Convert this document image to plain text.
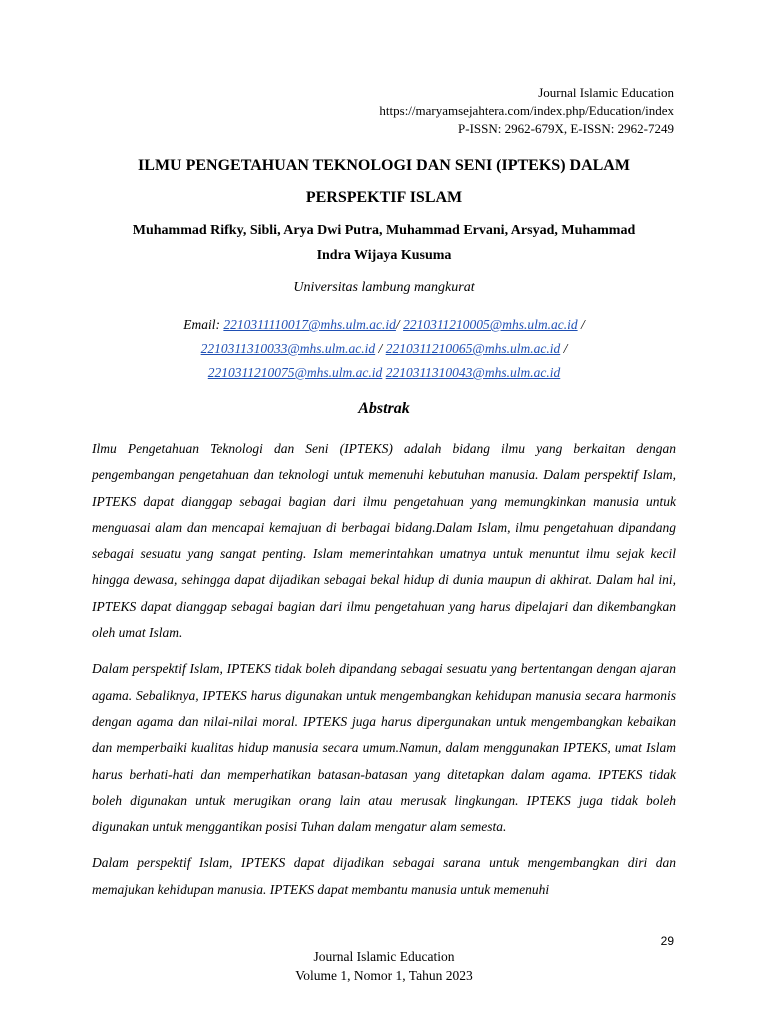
Journal Islamic Education
https://maryamsejahtera.com/index.php/Education/index
P-ISSN: 2962-679X, E-ISSN: 2962-7249
ILMU PENGETAHUAN TEKNOLOGI DAN SENI (IPTEKS) DALAM
PERSPEKTIF ISLAM
Muhammad Rifky, Sibli, Arya Dwi Putra, Muhammad Ervani, Arsyad, Muhammad
Indra Wijaya Kusuma
Universitas lambung mangkurat
Email: 2210311110017@mhs.ulm.ac.id/ 2210311210005@mhs.ulm.ac.id /
2210311310033@mhs.ulm.ac.id / 2210311210065@mhs.ulm.ac.id /
2210311210075@mhs.ulm.ac.id 2210311310043@mhs.ulm.ac.id
Abstrak

Ilmu Pengetahuan Teknologi dan Seni (IPTEKS) adalah bidang ilmu yang berkaitan dengan pengembangan pengetahuan dan teknologi untuk memenuhi kebutuhan manusia. Dalam perspektif Islam, IPTEKS dapat dianggap sebagai bagian dari ilmu pengetahuan yang memungkinkan manusia untuk menguasai alam dan mencapai kemajuan di berbagai bidang.Dalam Islam, ilmu pengetahuan dipandang sebagai sesuatu yang sangat penting. Islam memerintahkan umatnya untuk menuntut ilmu sejak kecil hingga dewasa, sehingga dapat dijadikan sebagai bekal hidup di dunia maupun di akhirat. Dalam hal ini, IPTEKS dapat dianggap sebagai bagian dari ilmu pengetahuan yang harus dipelajari dan dikembangkan oleh umat Islam.

Dalam perspektif Islam, IPTEKS tidak boleh dipandang sebagai sesuatu yang bertentangan dengan ajaran agama. Sebaliknya, IPTEKS harus digunakan untuk mengembangkan kehidupan manusia secara harmonis dengan agama dan nilai-nilai moral. IPTEKS juga harus dipergunakan untuk mengembangkan kebaikan dan memperbaiki kualitas hidup manusia secara umum.Namun, dalam menggunakan IPTEKS, umat Islam harus berhati-hati dan memperhatikan batasan-batasan yang ditetapkan dalam agama. IPTEKS tidak boleh digunakan untuk merugikan orang lain atau merusak lingkungan. IPTEKS juga tidak boleh digunakan untuk menggantikan posisi Tuhan dalam mengatur alam semesta.

Dalam perspektif Islam, IPTEKS dapat dijadikan sebagai sarana untuk mengembangkan diri dan memajukan kehidupan manusia. IPTEKS dapat membantu manusia untuk memenuhi

29
Journal Islamic Education
Volume 1, Nomor 1, Tahun 2023
